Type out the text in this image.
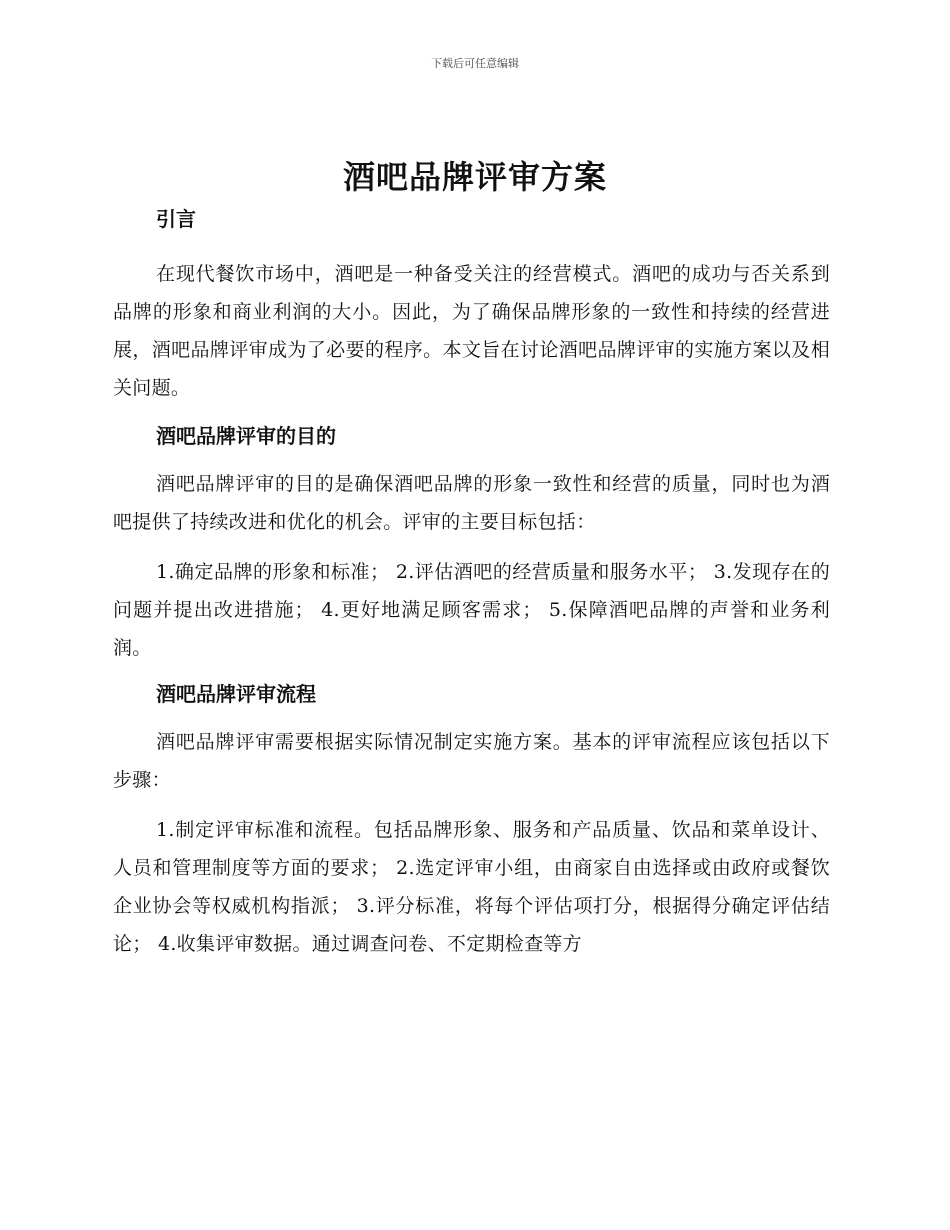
下载后可任意编辑
酒吧品牌评审方案
引言

在现代餐饮市场中，酒吧是一种备受关注的经营模式。酒吧的成功与否关系到品牌的形象和商业利润的大小。因此，为了确保品牌形象的一致性和持续的经营进展，酒吧品牌评审成为了必要的程序。本文旨在讨论酒吧品牌评审的实施方案以及相关问题。

酒吧品牌评审的目的

酒吧品牌评审的目的是确保酒吧品牌的形象一致性和经营的质量，同时也为酒吧提供了持续改进和优化的机会。评审的主要目标包括：

1.确定品牌的形象和标准； 2.评估酒吧的经营质量和服务水平； 3.发现存在的问题并提出改进措施； 4.更好地满足顾客需求； 5.保障酒吧品牌的声誉和业务利润。

酒吧品牌评审流程

酒吧品牌评审需要根据实际情况制定实施方案。基本的评审流程应该包括以下步骤：

1.制定评审标准和流程。包括品牌形象、服务和产品质量、饮品和菜单设计、人员和管理制度等方面的要求； 2.选定评审小组，由商家自由选择或由政府或餐饮企业协会等权威机构指派； 3.评分标准，将每个评估项打分，根据得分确定评估结论； 4.收集评审数据。通过调查问卷、不定期检查等方
